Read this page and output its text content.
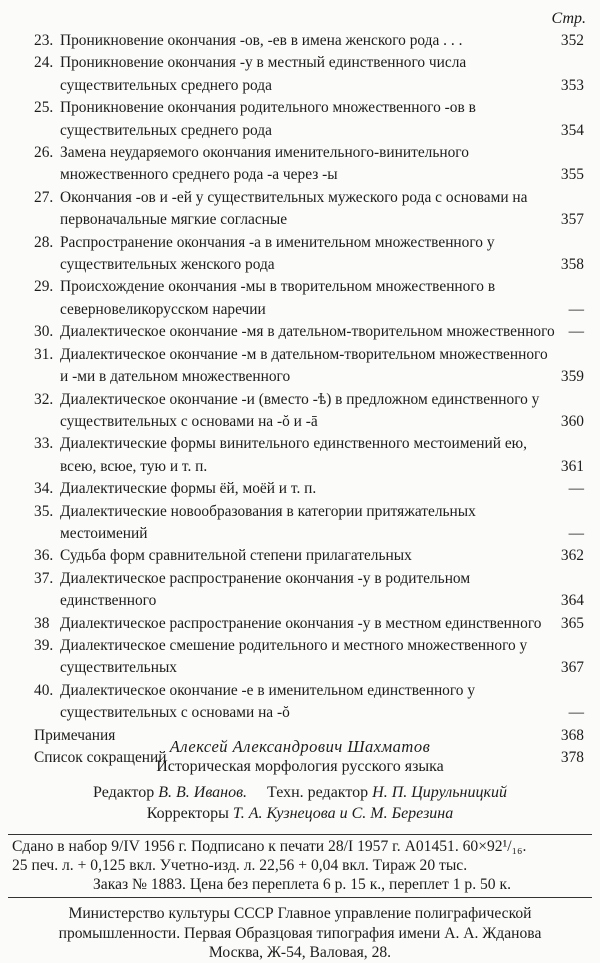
Стр.
23. Проникновение окончания -ов, -ев в имена женского рода . . .	352
24. Проникновение окончания -у в местный единственного числа существительных среднего рода	353
25. Проникновение окончания родительного множественного -ов в существительных среднего рода	354
26. Замена неударяемого окончания именительного-винительного множественного среднего рода -а через -ы	355
27. Окончания -ов и -ей у существительных мужеского рода с основами на первоначальные мягкие согласные	357
28. Распространение окончания -а в именительном множественного у существительных женского рода	358
29. Происхождение окончания -мы в творительном множественного в северновеликорусском наречии	—
30. Диалектическое окончание -мя в дательном-творительном множественного —
31. Диалектическое окончание -м в дательном-творительном множественного и -ми в дательном множественного	359
32. Диалектическое окончание -и (вместо -ѣ) в предложном единственного у существительных с основами на -ŏ и -ā	360
33. Диалектические формы винительного единственного местоимений ею, всею, всюе, тую и т. п.	361
34. Диалектические формы ёй, моёй и т. п.	—
35. Диалектические новообразования в категории притяжательных местоимений	—
36. Судьба форм сравнительной степени прилагательных	362
37. Диалектическое распространение окончания -у в родительном единственного	364
38 Диалектическое распространение окончания -у в местном единственного 365
39. Диалектическое смешение родительного и местного множественного у существительных	367
40. Диалектическое окончание -е в именительном единственного у существительных с основами на -ŏ	—
Примечания	368
Список сокращений	378
Алексей Александрович Шахматов
Историческая морфология русского языка
Редактор В. В. Иванов. Техн. редактор Н. П. Цирульницкий
Корректоры Т. А. Кузнецова и С. М. Березина
Сдано в набор 9/IV 1956 г. Подписано к печати 28/I 1957 г. А01451. 60×92¹/₁₆.
25 печ. л. + 0,125 вкл. Учетно-изд. л. 22,56 + 0,04 вкл. Тираж 20 тыс.
Заказ № 1883. Цена без переплета 6 р. 15 к., переплет 1 р. 50 к.
Министерство культуры СССР Главное управление полиграфической
промышленности. Первая Образцовая типография имени А. А. Жданова
Москва, Ж-54, Валовая, 28.
